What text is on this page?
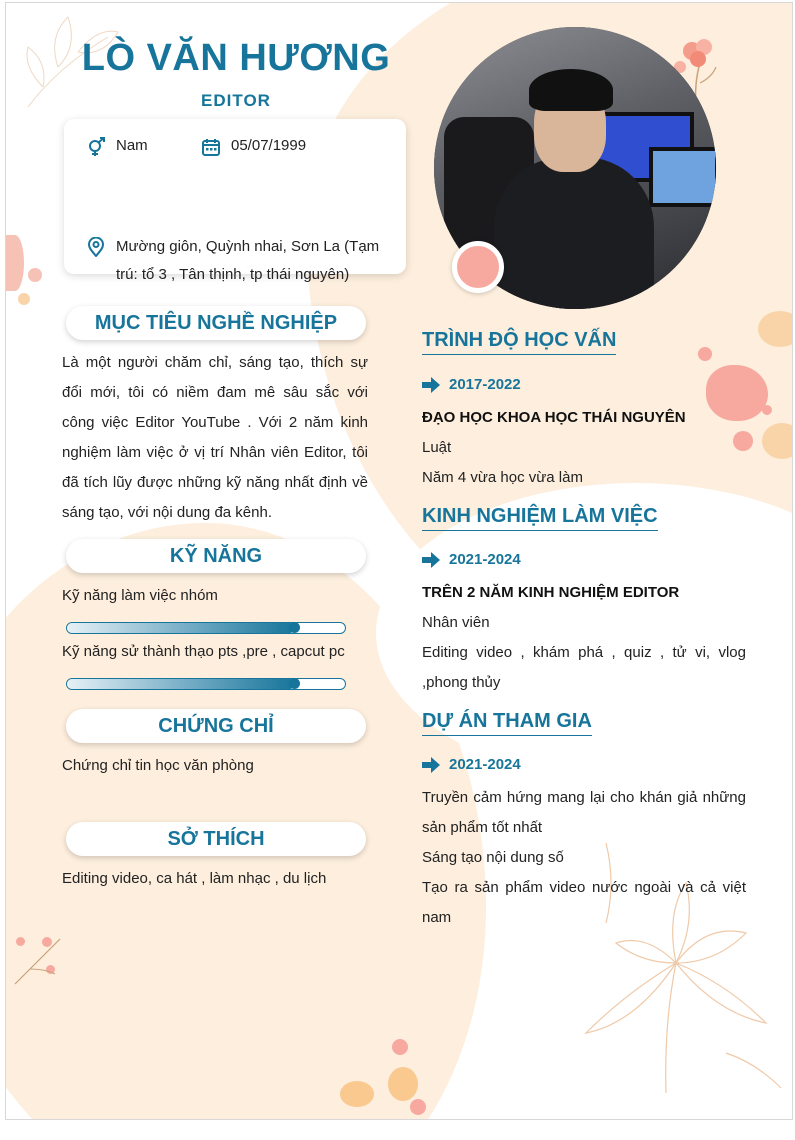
LÒ VĂN HƯƠNG
EDITOR
Nam	05/07/1999
Mường giôn, Quỳnh nhai, Sơn La (Tạm trú: tổ 3 , Tân thịnh, tp thái nguyên)
MỤC TIÊU NGHỀ NGHIỆP
Là một người chăm chỉ, sáng tạo, thích sự đổi mới, tôi có niềm đam mê sâu sắc với công việc Editor YouTube . Với 2 năm kinh nghiệm làm việc ở vị trí Nhân viên Editor, tôi đã tích lũy được những kỹ năng nhất định về sáng tạo, với nội dung đa kênh.
KỸ NĂNG
Kỹ năng làm việc nhóm
Kỹ năng sử thành thạo pts ,pre , capcut pc
CHỨNG CHỈ
Chứng chỉ tin học văn phòng
SỞ THÍCH
Editing video, ca hát , làm nhạc , du lịch
TRÌNH ĐỘ HỌC VẤN
2017-2022
ĐẠO HỌC KHOA HỌC THÁI NGUYÊN
Luật
Năm 4 vừa học vừa làm
KINH NGHIỆM LÀM VIỆC
2021-2024
TRÊN 2 NĂM KINH NGHIỆM EDITOR
Nhân viên
Editing video , khám phá , quiz , tử vi, vlog ,phong thủy
DỰ ÁN THAM GIA
2021-2024
Truyền cảm hứng mang lại cho khán giả những sản phẩm tốt nhất
Sáng tạo nội dung số
Tạo ra sản phẩm video nước ngoài và cả việt nam
